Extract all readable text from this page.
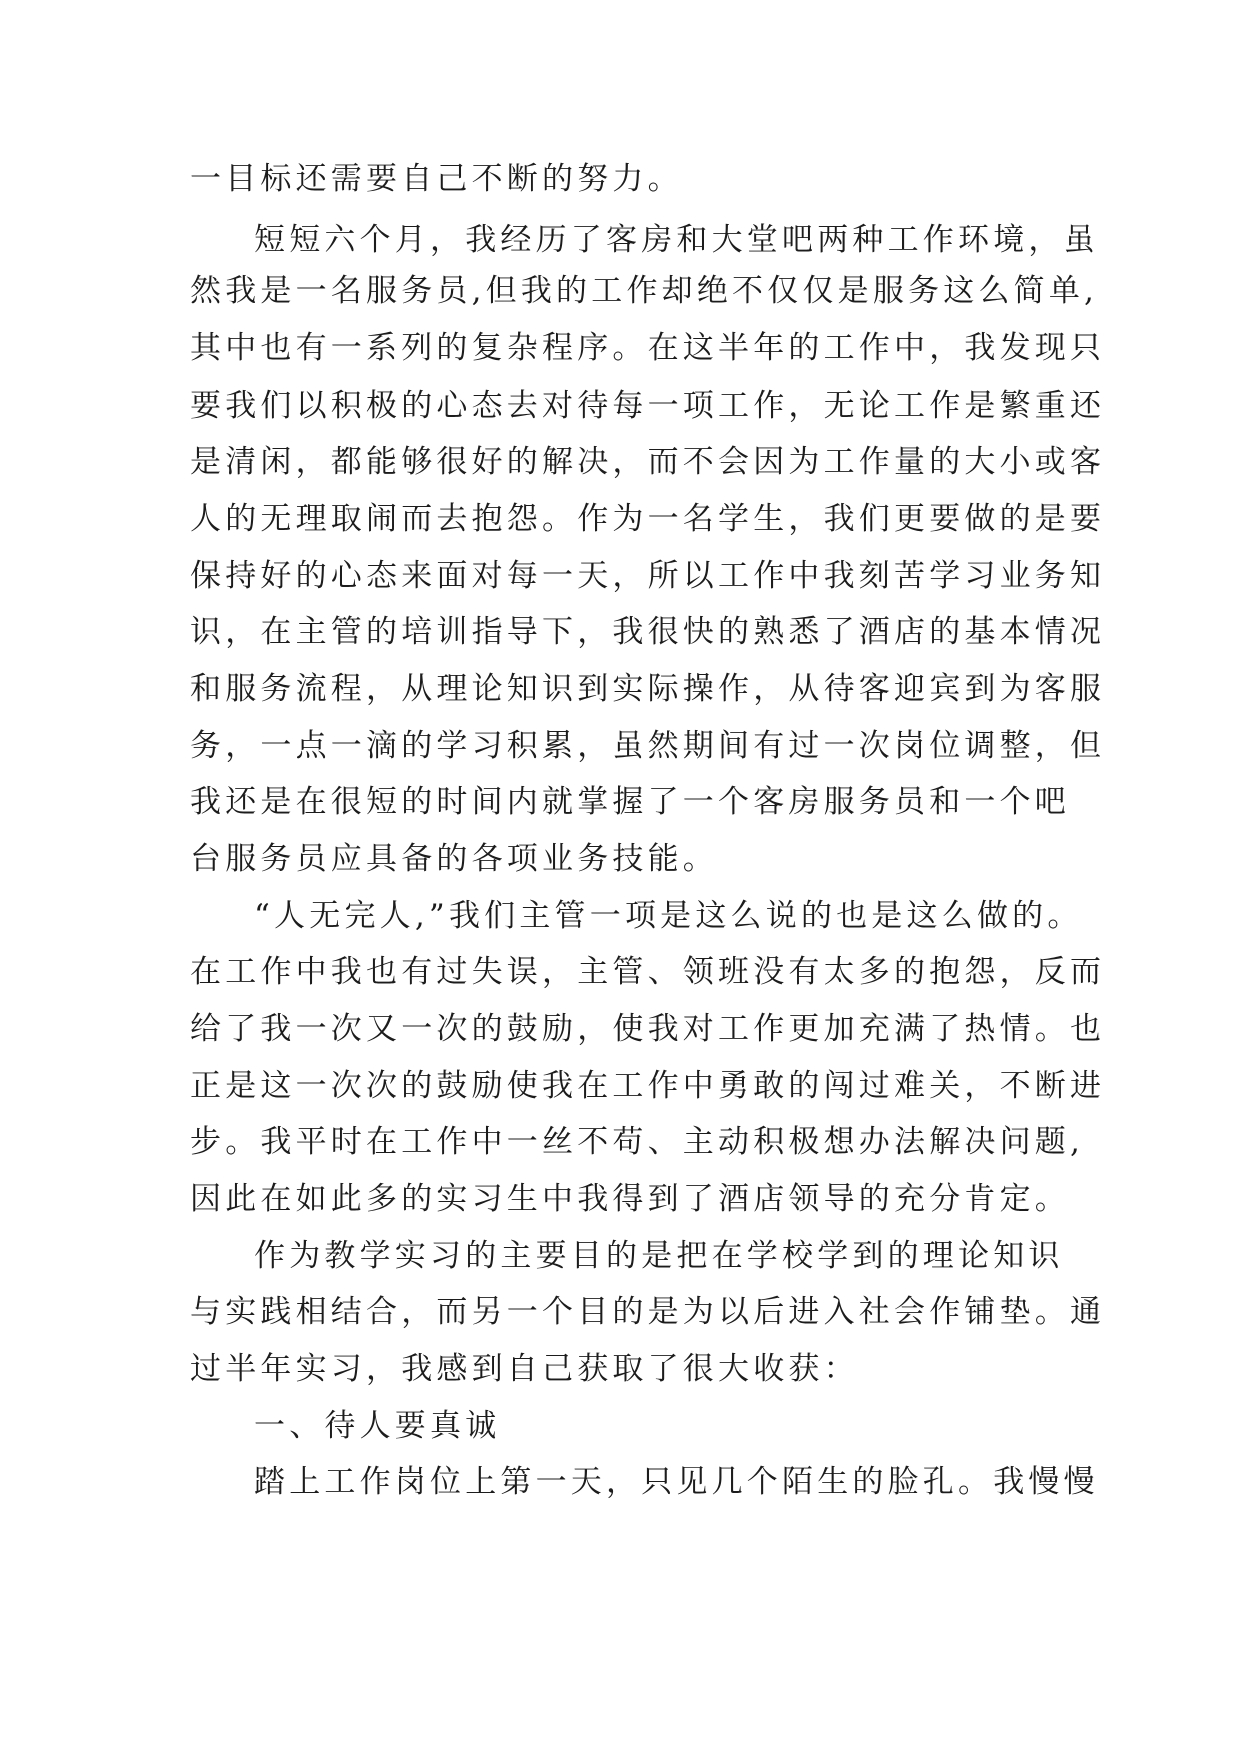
一目标还需要自己不断的努力。
短短六个月，我经历了客房和大堂吧两种工作环境，虽
然我是一名服务员,但我的工作却绝不仅仅是服务这么简单,
其中也有一系列的复杂程序。在这半年的工作中，我发现只
要我们以积极的心态去对待每一项工作，无论工作是繁重还
是清闲，都能够很好的解决，而不会因为工作量的大小或客
人的无理取闹而去抱怨。作为一名学生，我们更要做的是要
保持好的心态来面对每一天，所以工作中我刻苦学习业务知
识，在主管的培训指导下，我很快的熟悉了酒店的基本情况
和服务流程，从理论知识到实际操作，从待客迎宾到为客服
务，一点一滴的学习积累，虽然期间有过一次岗位调整，但
我还是在很短的时间内就掌握了一个客房服务员和一个吧
台服务员应具备的各项业务技能。
“人无完人,”我们主管一项是这么说的也是这么做的。
在工作中我也有过失误，主管、领班没有太多的抱怨，反而
给了我一次又一次的鼓励，使我对工作更加充满了热情。也
正是这一次次的鼓励使我在工作中勇敢的闯过难关，不断进
步。我平时在工作中一丝不苟、主动积极想办法解决问题,
因此在如此多的实习生中我得到了酒店领导的充分肯定。
作为教学实习的主要目的是把在学校学到的理论知识
与实践相结合，而另一个目的是为以后进入社会作铺垫。通
过半年实习，我感到自己获取了很大收获：
一、待人要真诚
踏上工作岗位上第一天，只见几个陌生的脸孔。我慢慢
